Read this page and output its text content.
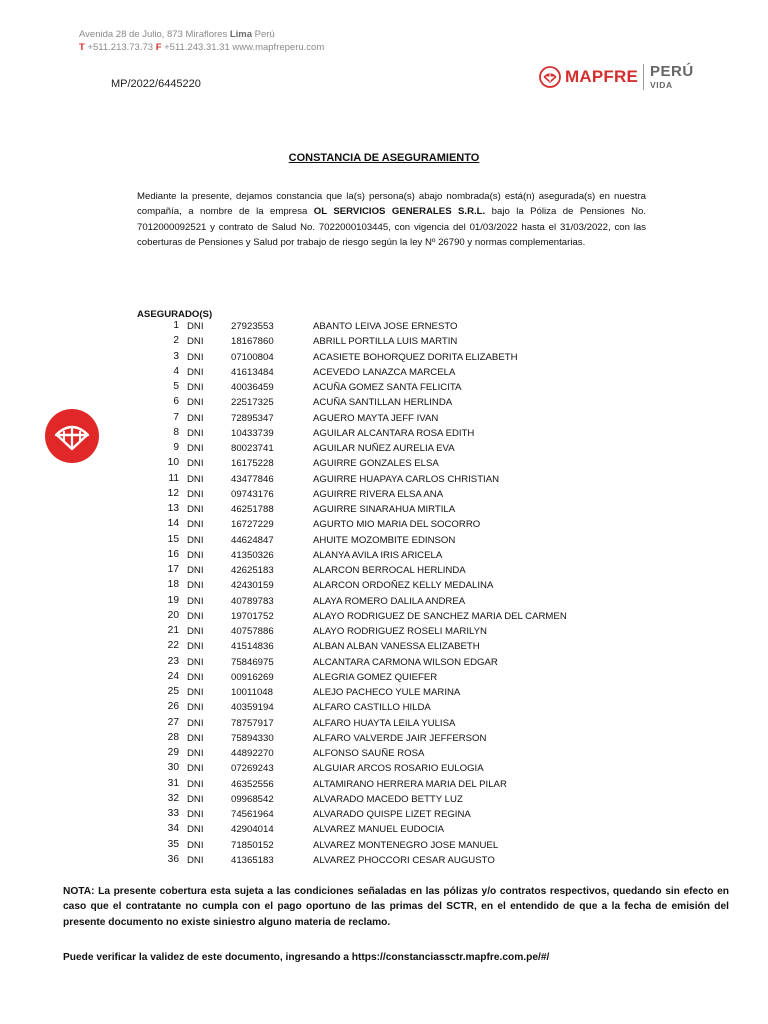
Avenida 28 de Julio, 873 Miraflores Lima Perú
T +511.213.73.73 F +511.243.31.31 www.mapfreperu.com
MP/2022/6445220	MAPFRE PERÚ
VIDA
CONSTANCIA DE ASEGURAMIENTO
Mediante la presente, dejamos constancia que la(s) persona(s) abajo nombrada(s) está(n) asegurada(s) en nuestra compañía, a nombre de la empresa OL SERVICIOS GENERALES S.R.L. bajo la Póliza de Pensiones No. 7012000092521 y contrato de Salud No. 7022000103445, con vigencia del 01/03/2022 hasta el 31/03/2022, con las coberturas de Pensiones y Salud por trabajo de riesgo según la ley Nº 26790 y normas complementarias.
ASEGURADO(S)
1 DNI	27923553	ABANTO LEIVA JOSE ERNESTO
2 DNI	18167860	ABRILL PORTILLA LUIS MARTIN
3 DNI	07100804	ACASIETE BOHORQUEZ DORITA ELIZABETH
4 DNI	41613484	ACEVEDO LANAZCA MARCELA
5 DNI	40036459	ACUÑA GOMEZ SANTA FELICITA
6 DNI	22517325	ACUÑA SANTILLAN HERLINDA
7 DNI	72895347	AGUERO MAYTA JEFF IVAN
8 DNI	10433739	AGUILAR ALCANTARA ROSA EDITH
9 DNI	80023741	AGUILAR NUÑEZ AURELIA EVA
10 DNI	16175228	AGUIRRE GONZALES ELSA
11 DNI	43477846	AGUIRRE HUAPAYA CARLOS CHRISTIAN
12 DNI	09743176	AGUIRRE RIVERA ELSA ANA
13 DNI	46251788	AGUIRRE SINARAHUA MIRTILA
14 DNI	16727229	AGURTO MIO MARIA DEL SOCORRO
15 DNI	44624847	AHUITE MOZOMBITE EDINSON
16 DNI	41350326	ALANYA AVILA IRIS ARICELA
17 DNI	42625183	ALARCON BERROCAL HERLINDA
18 DNI	42430159	ALARCON ORDOÑEZ KELLY MEDALINA
19 DNI	40789783	ALAYA ROMERO DALILA ANDREA
20 DNI	19701752	ALAYO RODRIGUEZ DE SANCHEZ MARIA DEL CARMEN
21 DNI	40757886	ALAYO RODRIGUEZ ROSELI MARILYN
22 DNI	41514836	ALBAN ALBAN VANESSA ELIZABETH
23 DNI	75846975	ALCANTARA CARMONA WILSON EDGAR
24 DNI	00916269	ALEGRIA GOMEZ QUIEFER
25 DNI	10011048	ALEJO PACHECO YULE MARINA
26 DNI	40359194	ALFARO CASTILLO HILDA
27 DNI	78757917	ALFARO HUAYTA LEILA YULISA
28 DNI	75894330	ALFARO VALVERDE JAIR JEFFERSON
29 DNI	44892270	ALFONSO SAUÑE ROSA
30 DNI	07269243	ALGUIAR ARCOS ROSARIO EULOGIA
31 DNI	46352556	ALTAMIRANO HERRERA MARIA DEL PILAR
32 DNI	09968542	ALVARADO MACEDO BETTY LUZ
33 DNI	74561964	ALVARADO QUISPE LIZET REGINA
34 DNI	42904014	ALVAREZ MANUEL EUDOCIA
35 DNI	71850152	ALVAREZ MONTENEGRO JOSE MANUEL
36 DNI	41365183	ALVAREZ PHOCCORI CESAR AUGUSTO
NOTA: La presente cobertura esta sujeta a las condiciones señaladas en las pólizas y/o contratos respectivos, quedando sin efecto en caso que el contratante no cumpla con el pago oportuno de las primas del SCTR, en el entendido de que a la fecha de emisión del presente documento no existe siniestro alguno materia de reclamo.
Puede verificar la validez de este documento, ingresando a https://constanciassctr.mapfre.com.pe/#/
